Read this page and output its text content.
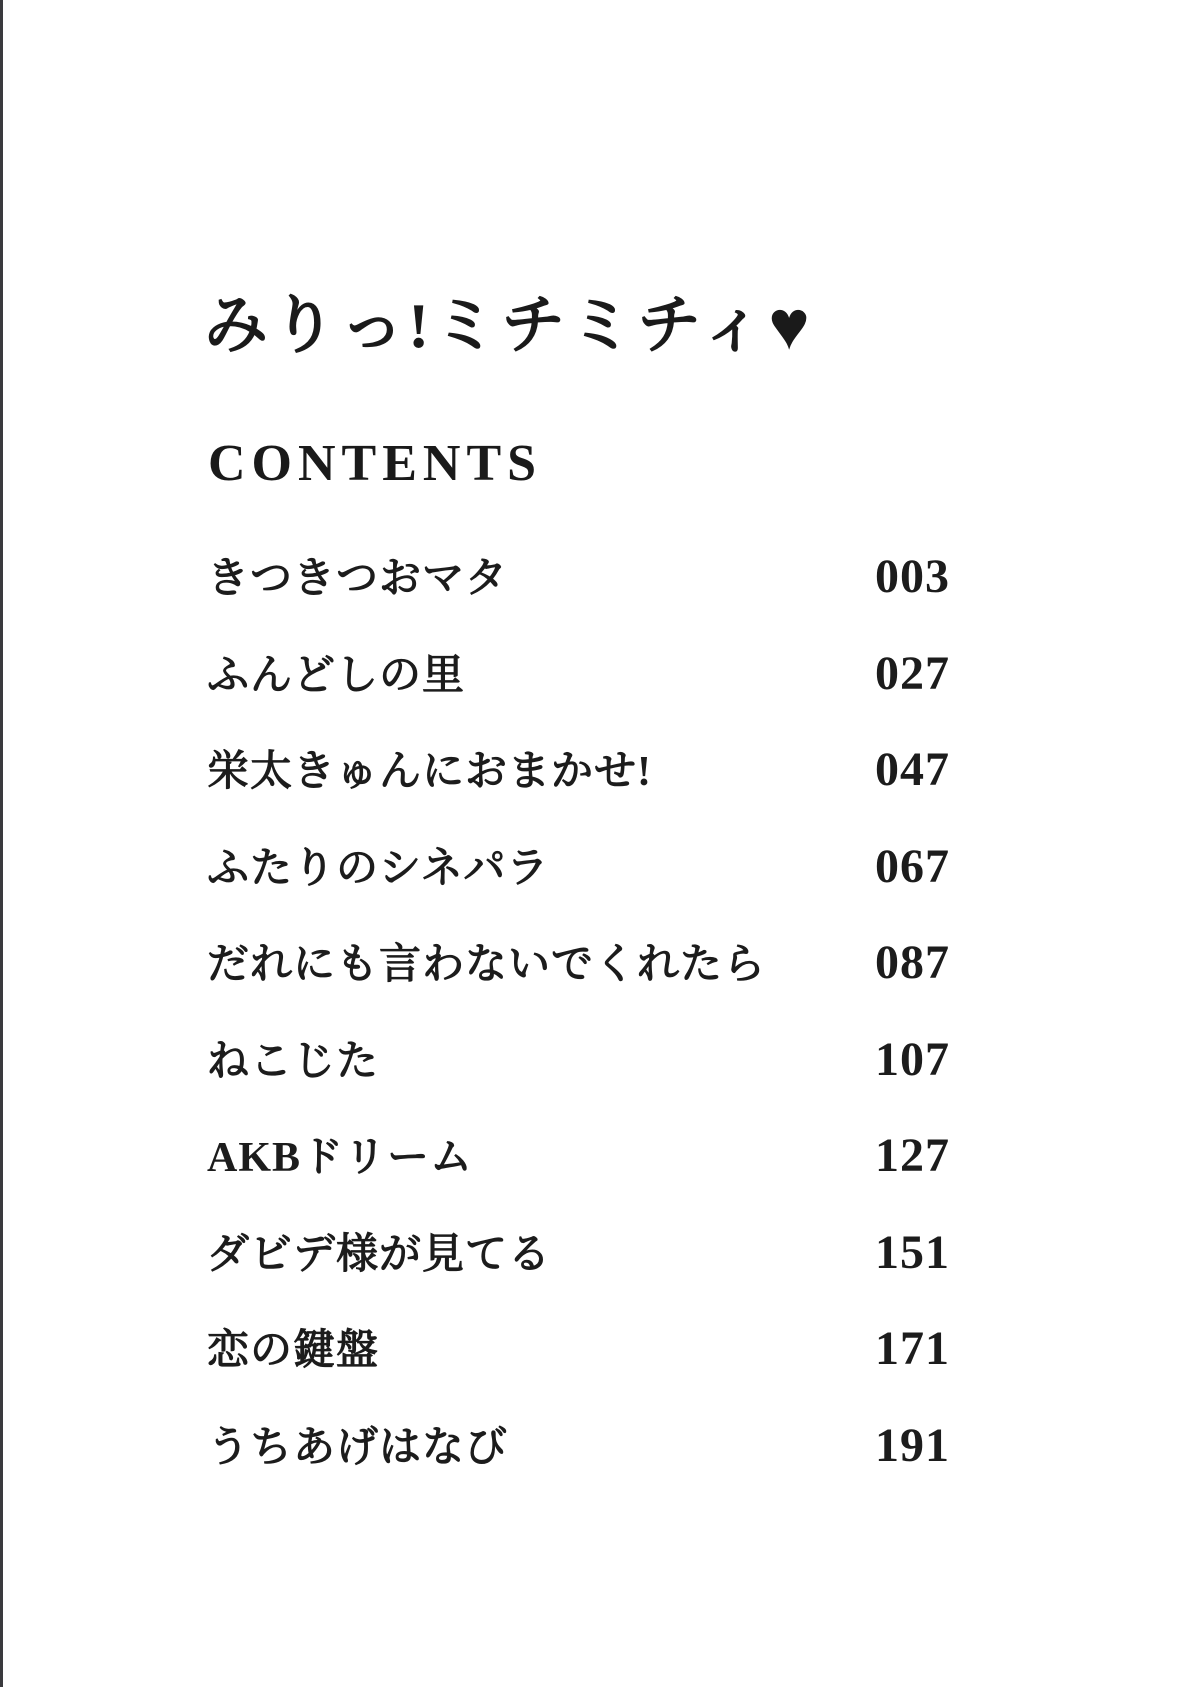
みりっ!ミチミチィ♥
CONTENTS
きつきつおマタ	003
ふんどしの里	027
栄太きゅんにおまかせ!	047
ふたりのシネパラ	067
だれにも言わないでくれたら 087
ねこじた	107
AKBドリーム	127
ダビデ様が見てる	151
恋の鍵盤	171
うちあげはなび	191
